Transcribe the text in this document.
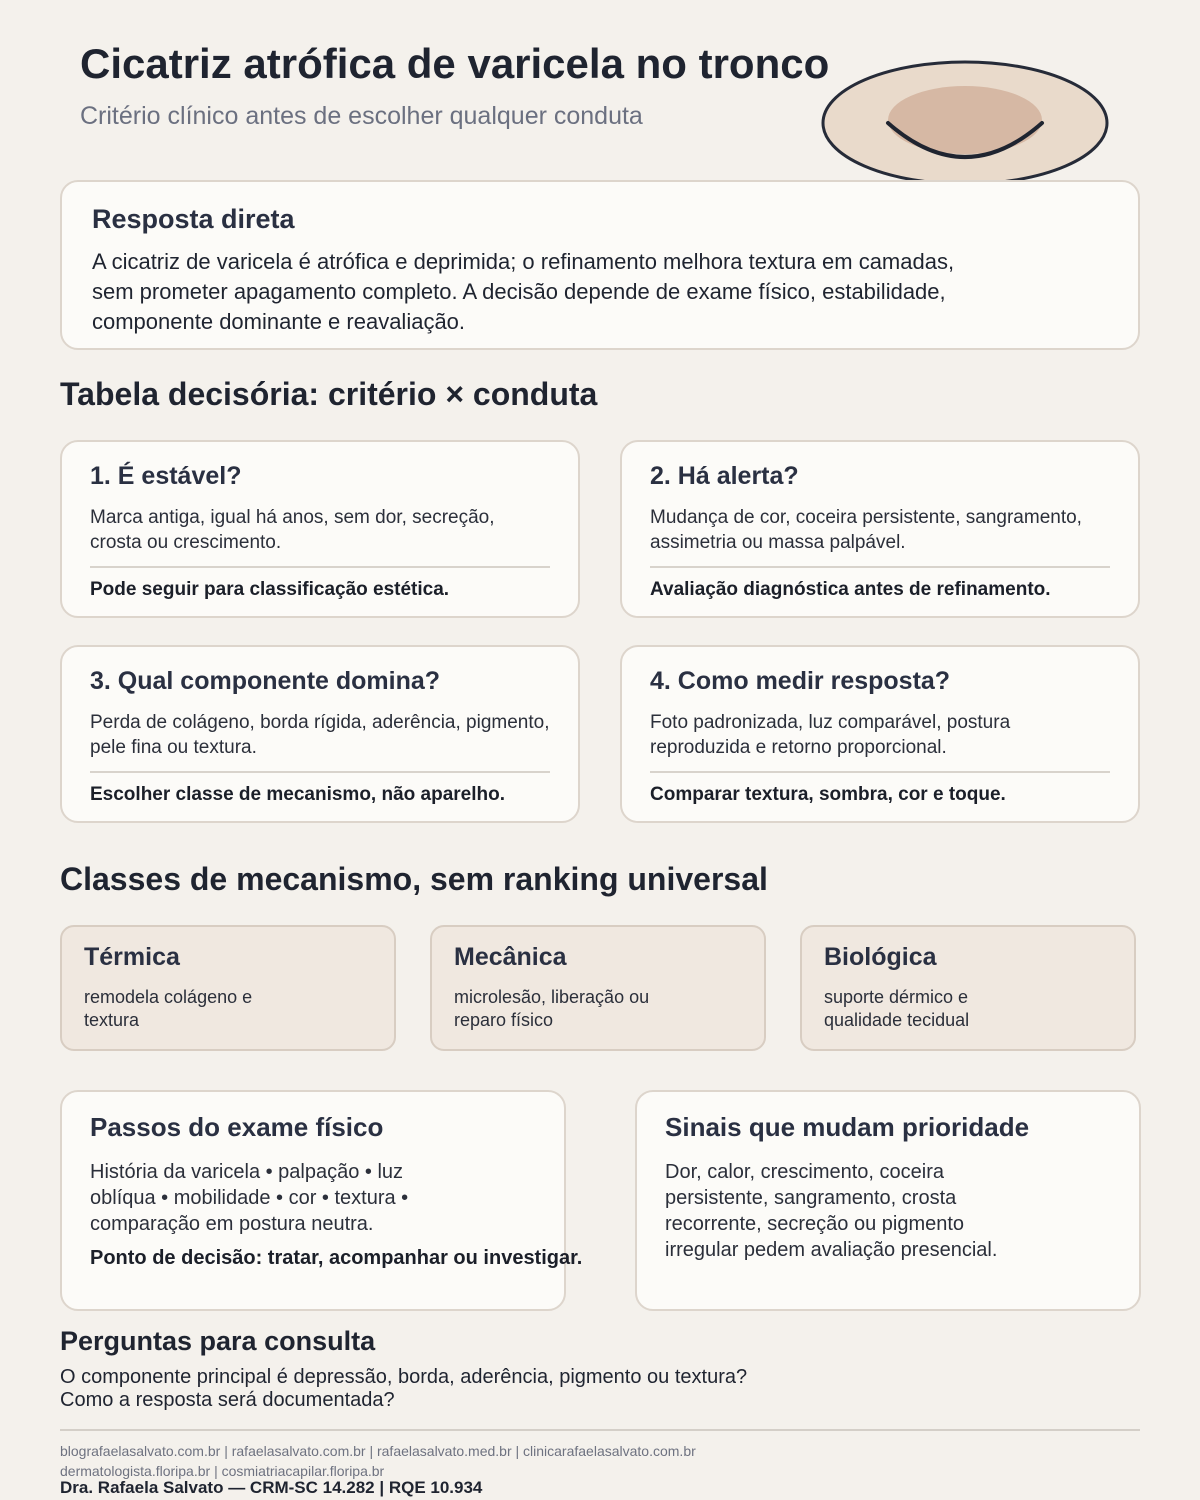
Cicatriz atrófica de varicela no tronco
Critério clínico antes de escolher qualquer conduta
Resposta direta

A cicatriz de varicela é atrófica e deprimida; o refinamento melhora textura em camadas, sem prometer apagamento completo. A decisão depende de exame físico, estabilidade, componente dominante e reavaliação.

Tabela decisória: critério × conduta
1. É estável?
Marca antiga, igual há anos, sem dor, secreção, crosta ou crescimento.
Pode seguir para classificação estética.
2. Há alerta?
Mudança de cor, coceira persistente, sangramento, assimetria ou massa palpável.
Avaliação diagnóstica antes de refinamento.
3. Qual componente domina?
Perda de colágeno, borda rígida, aderência, pigmento, pele fina ou textura.
Escolher classe de mecanismo, não aparelho.
4. Como medir resposta?
Foto padronizada, luz comparável, postura reproduzida e retorno proporcional.
Comparar textura, sombra, cor e toque.
Classes de mecanismo, sem ranking universal
Térmica

remodela colágeno e textura

Mecânica

microlesão, liberação ou reparo físico

Biológica

suporte dérmico e qualidade tecidual

Passos do exame físico

História da varicela • palpação • luz oblíqua • mobilidade • cor • textura • comparação em postura neutra.

Ponto de decisão: tratar, acompanhar ou investigar.

Sinais que mudam prioridade

Dor, calor, crescimento, coceira persistente, sangramento, crosta recorrente, secreção ou pigmento irregular pedem avaliação presencial.

Perguntas para consulta
O componente principal é depressão, borda, aderência, pigmento ou textura?
Como a resposta será documentada?
blografaelasalvato.com.br | rafaelasalvato.com.br | rafaelasalvato.med.br | clinicarafaelasalvato.com.br
dermatologista.floripa.br | cosmiatriacapilar.floripa.br
Dra. Rafaela Salvato — CRM-SC 14.282 | RQE 10.934
